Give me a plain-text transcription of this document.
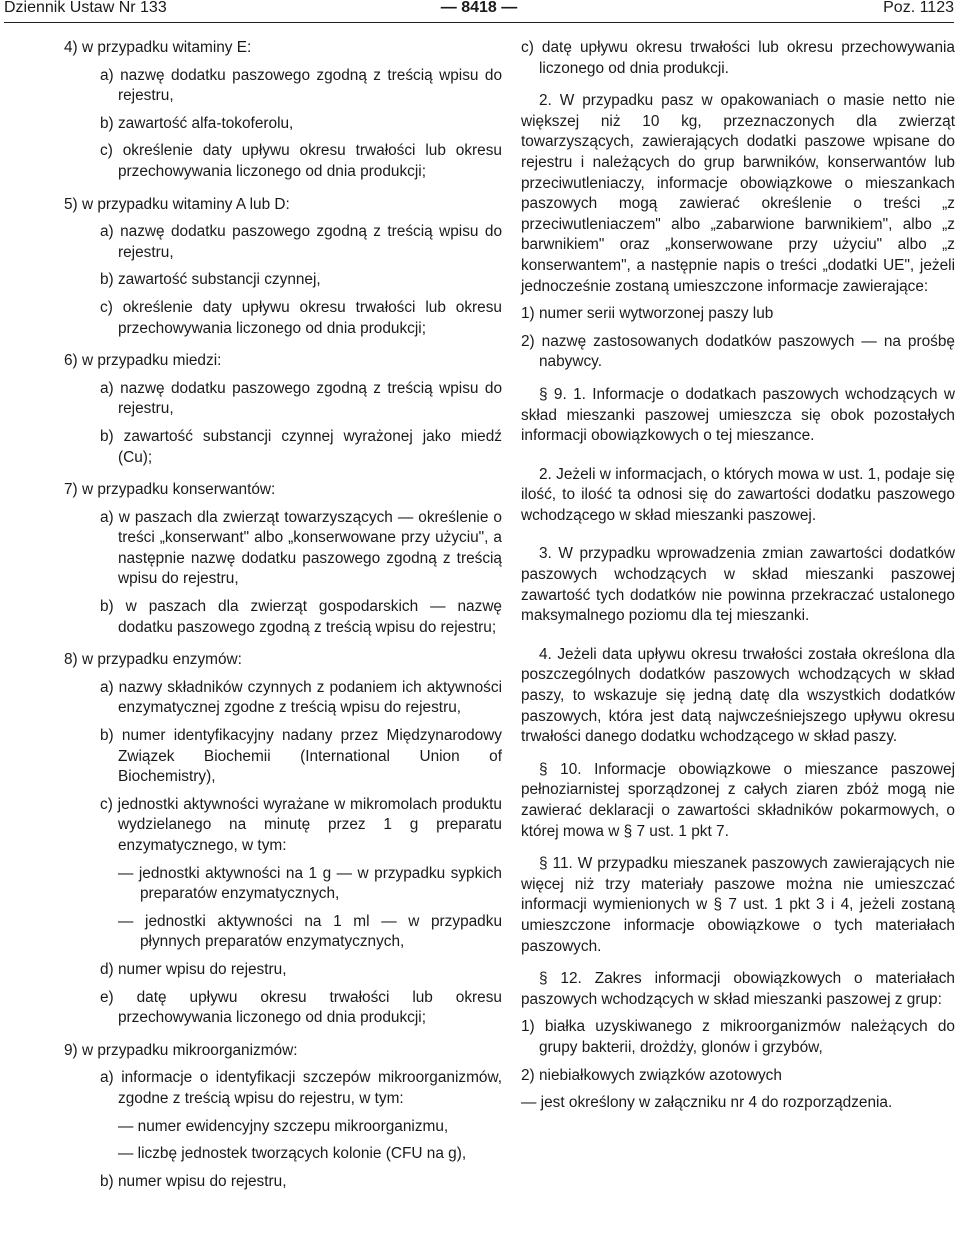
Dziennik Ustaw Nr 133	— 8418 —	Poz. 1123

4) w przypadku witaminy E:

a) nazwę dodatku paszowego zgodną z treścią wpisu do rejestru,

b) zawartość alfa-tokoferolu,

c) określenie daty upływu okresu trwałości lub okresu przechowywania liczonego od dnia produkcji;

5) w przypadku witaminy A lub D:

a) nazwę dodatku paszowego zgodną z treścią wpisu do rejestru,

b) zawartość substancji czynnej,

c) określenie daty upływu okresu trwałości lub okresu przechowywania liczonego od dnia produkcji;

6) w przypadku miedzi:

a) nazwę dodatku paszowego zgodną z treścią wpisu do rejestru,

b) zawartość substancji czynnej wyrażonej jako miedź (Cu);

7) w przypadku konserwantów:

a) w paszach dla zwierząt towarzyszących — określenie o treści „konserwant" albo „konserwowane przy użyciu", a następnie nazwę dodatku paszowego zgodną z treścią wpisu do rejestru,

b) w paszach dla zwierząt gospodarskich — nazwę dodatku paszowego zgodną z treścią wpisu do rejestru;

8) w przypadku enzymów:

a) nazwy składników czynnych z podaniem ich aktywności enzymatycznej zgodne z treścią wpisu do rejestru,

b) numer identyfikacyjny nadany przez Międzynarodowy Związek Biochemii (International Union of Biochemistry),

c) jednostki aktywności wyrażane w mikromolach produktu wydzielanego na minutę przez 1 g preparatu enzymatycznego, w tym:

— jednostki aktywności na 1 g — w przypadku sypkich preparatów enzymatycznych,

— jednostki aktywności na 1 ml — w przypadku płynnych preparatów enzymatycznych,

d) numer wpisu do rejestru,

e) datę upływu okresu trwałości lub okresu przechowywania liczonego od dnia produkcji;

9) w przypadku mikroorganizmów:

a) informacje o identyfikacji szczepów mikroorganizmów, zgodne z treścią wpisu do rejestru, w tym:

— numer ewidencyjny szczepu mikroorganizmu,

— liczbę jednostek tworzących kolonie (CFU na g),

b) numer wpisu do rejestru,

c) datę upływu okresu trwałości lub okresu przechowywania liczonego od dnia produkcji.

2. W przypadku pasz w opakowaniach o masie netto nie większej niż 10 kg, przeznaczonych dla zwierząt towarzyszących, zawierających dodatki paszowe wpisane do rejestru i należących do grup barwników, konserwantów lub przeciwutleniaczy, informacje obowiązkowe o mieszankach paszowych mogą zawierać określenie o treści „z przeciwutleniaczem" albo „zabarwione barwnikiem", albo „z barwnikiem" oraz „konserwowane przy użyciu" albo „z konserwantem", a następnie napis o treści „dodatki UE", jeżeli jednocześnie zostaną umieszczone informacje zawierające:

1) numer serii wytworzonej paszy lub

2) nazwę zastosowanych dodatków paszowych — na prośbę nabywcy.

§ 9. 1. Informacje o dodatkach paszowych wchodzących w skład mieszanki paszowej umieszcza się obok pozostałych informacji obowiązkowych o tej mieszance.

2. Jeżeli w informacjach, o których mowa w ust. 1, podaje się ilość, to ilość ta odnosi się do zawartości dodatku paszowego wchodzącego w skład mieszanki paszowej.

3. W przypadku wprowadzenia zmian zawartości dodatków paszowych wchodzących w skład mieszanki paszowej zawartość tych dodatków nie powinna przekraczać ustalonego maksymalnego poziomu dla tej mieszanki.

4. Jeżeli data upływu okresu trwałości została określona dla poszczególnych dodatków paszowych wchodzących w skład paszy, to wskazuje się jedną datę dla wszystkich dodatków paszowych, która jest datą najwcześniejszego upływu okresu trwałości danego dodatku wchodzącego w skład paszy.

§ 10. Informacje obowiązkowe o mieszance paszowej pełnoziarnistej sporządzonej z całych ziaren zbóż mogą nie zawierać deklaracji o zawartości składników pokarmowych, o której mowa w § 7 ust. 1 pkt 7.

§ 11. W przypadku mieszanek paszowych zawierających nie więcej niż trzy materiały paszowe można nie umieszczać informacji wymienionych w § 7 ust. 1 pkt 3 i 4, jeżeli zostaną umieszczone informacje obowiązkowe o tych materiałach paszowych.

§ 12. Zakres informacji obowiązkowych o materiałach paszowych wchodzących w skład mieszanki paszowej z grup:

1) białka uzyskiwanego z mikroorganizmów należących do grupy bakterii, drożdży, glonów i grzybów,

2) niebiałkowych związków azotowych

— jest określony w załączniku nr 4 do rozporządzenia.
